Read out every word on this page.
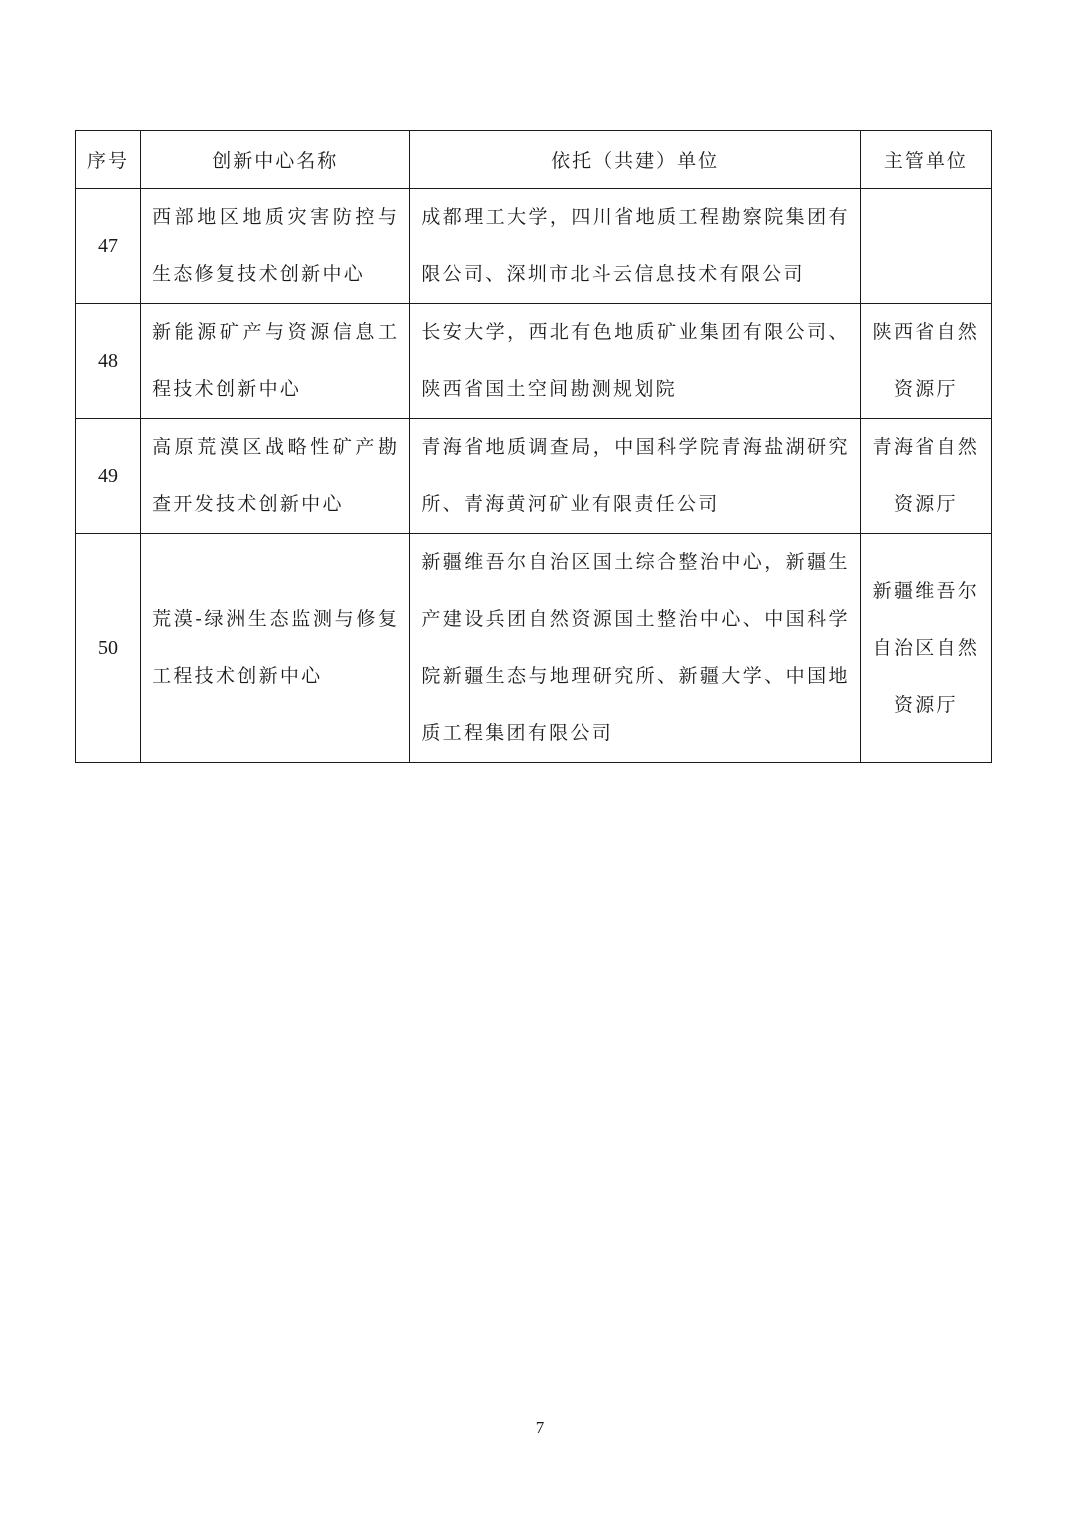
序号	创新中心名称	依托（共建）单位	主管单位
47	西部地区地质灾害防控与生态修复技术创新中心	成都理工大学，四川省地质工程勘察院集团有限公司、深圳市北斗云信息技术有限公司	
48	新能源矿产与资源信息工程技术创新中心	长安大学，西北有色地质矿业集团有限公司、陕西省国土空间勘测规划院	陕西省自然资源厅
49	高原荒漠区战略性矿产勘查开发技术创新中心	青海省地质调查局，中国科学院青海盐湖研究所、青海黄河矿业有限责任公司	青海省自然资源厅
50	荒漠-绿洲生态监测与修复工程技术创新中心	新疆维吾尔自治区国土综合整治中心，新疆生产建设兵团自然资源国土整治中心、中国科学院新疆生态与地理研究所、新疆大学、中国地质工程集团有限公司	新疆维吾尔自治区自然资源厅
7
